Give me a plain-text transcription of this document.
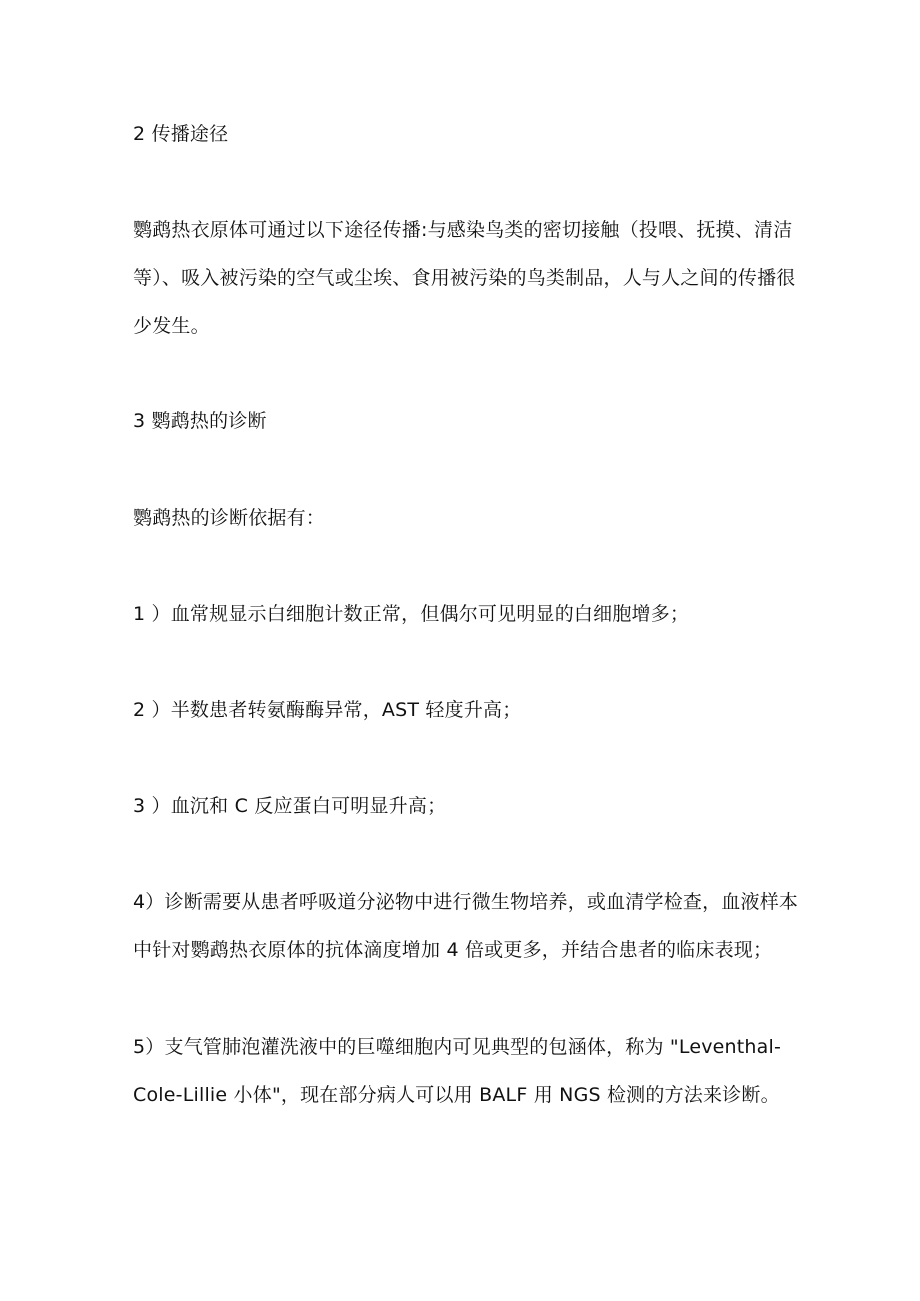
2 传播途径
鹦鹉热衣原体可通过以下途径传播:与感染鸟类的密切接触（投喂、抚摸、清洁
等）、吸入被污染的空气或尘埃、食用被污染的鸟类制品，人与人之间的传播很
少发生。
3 鹦鹉热的诊断
鹦鹉热的诊断依据有：
1 ）血常规显示白细胞计数正常，但偶尔可见明显的白细胞增多；
2 ）半数患者转氨酶酶异常，AST 轻度升高；
3 ）血沉和 C 反应蛋白可明显升高；
4）诊断需要从患者呼吸道分泌物中进行微生物培养，或血清学检查，血液样本
中针对鹦鹉热衣原体的抗体滴度增加 4 倍或更多，并结合患者的临床表现；
5）支气管肺泡灌洗液中的巨噬细胞内可见典型的包涵体，称为 "Leventhal-
Cole-Lillie 小体"，现在部分病人可以用 BALF 用 NGS 检测的方法来诊断。
